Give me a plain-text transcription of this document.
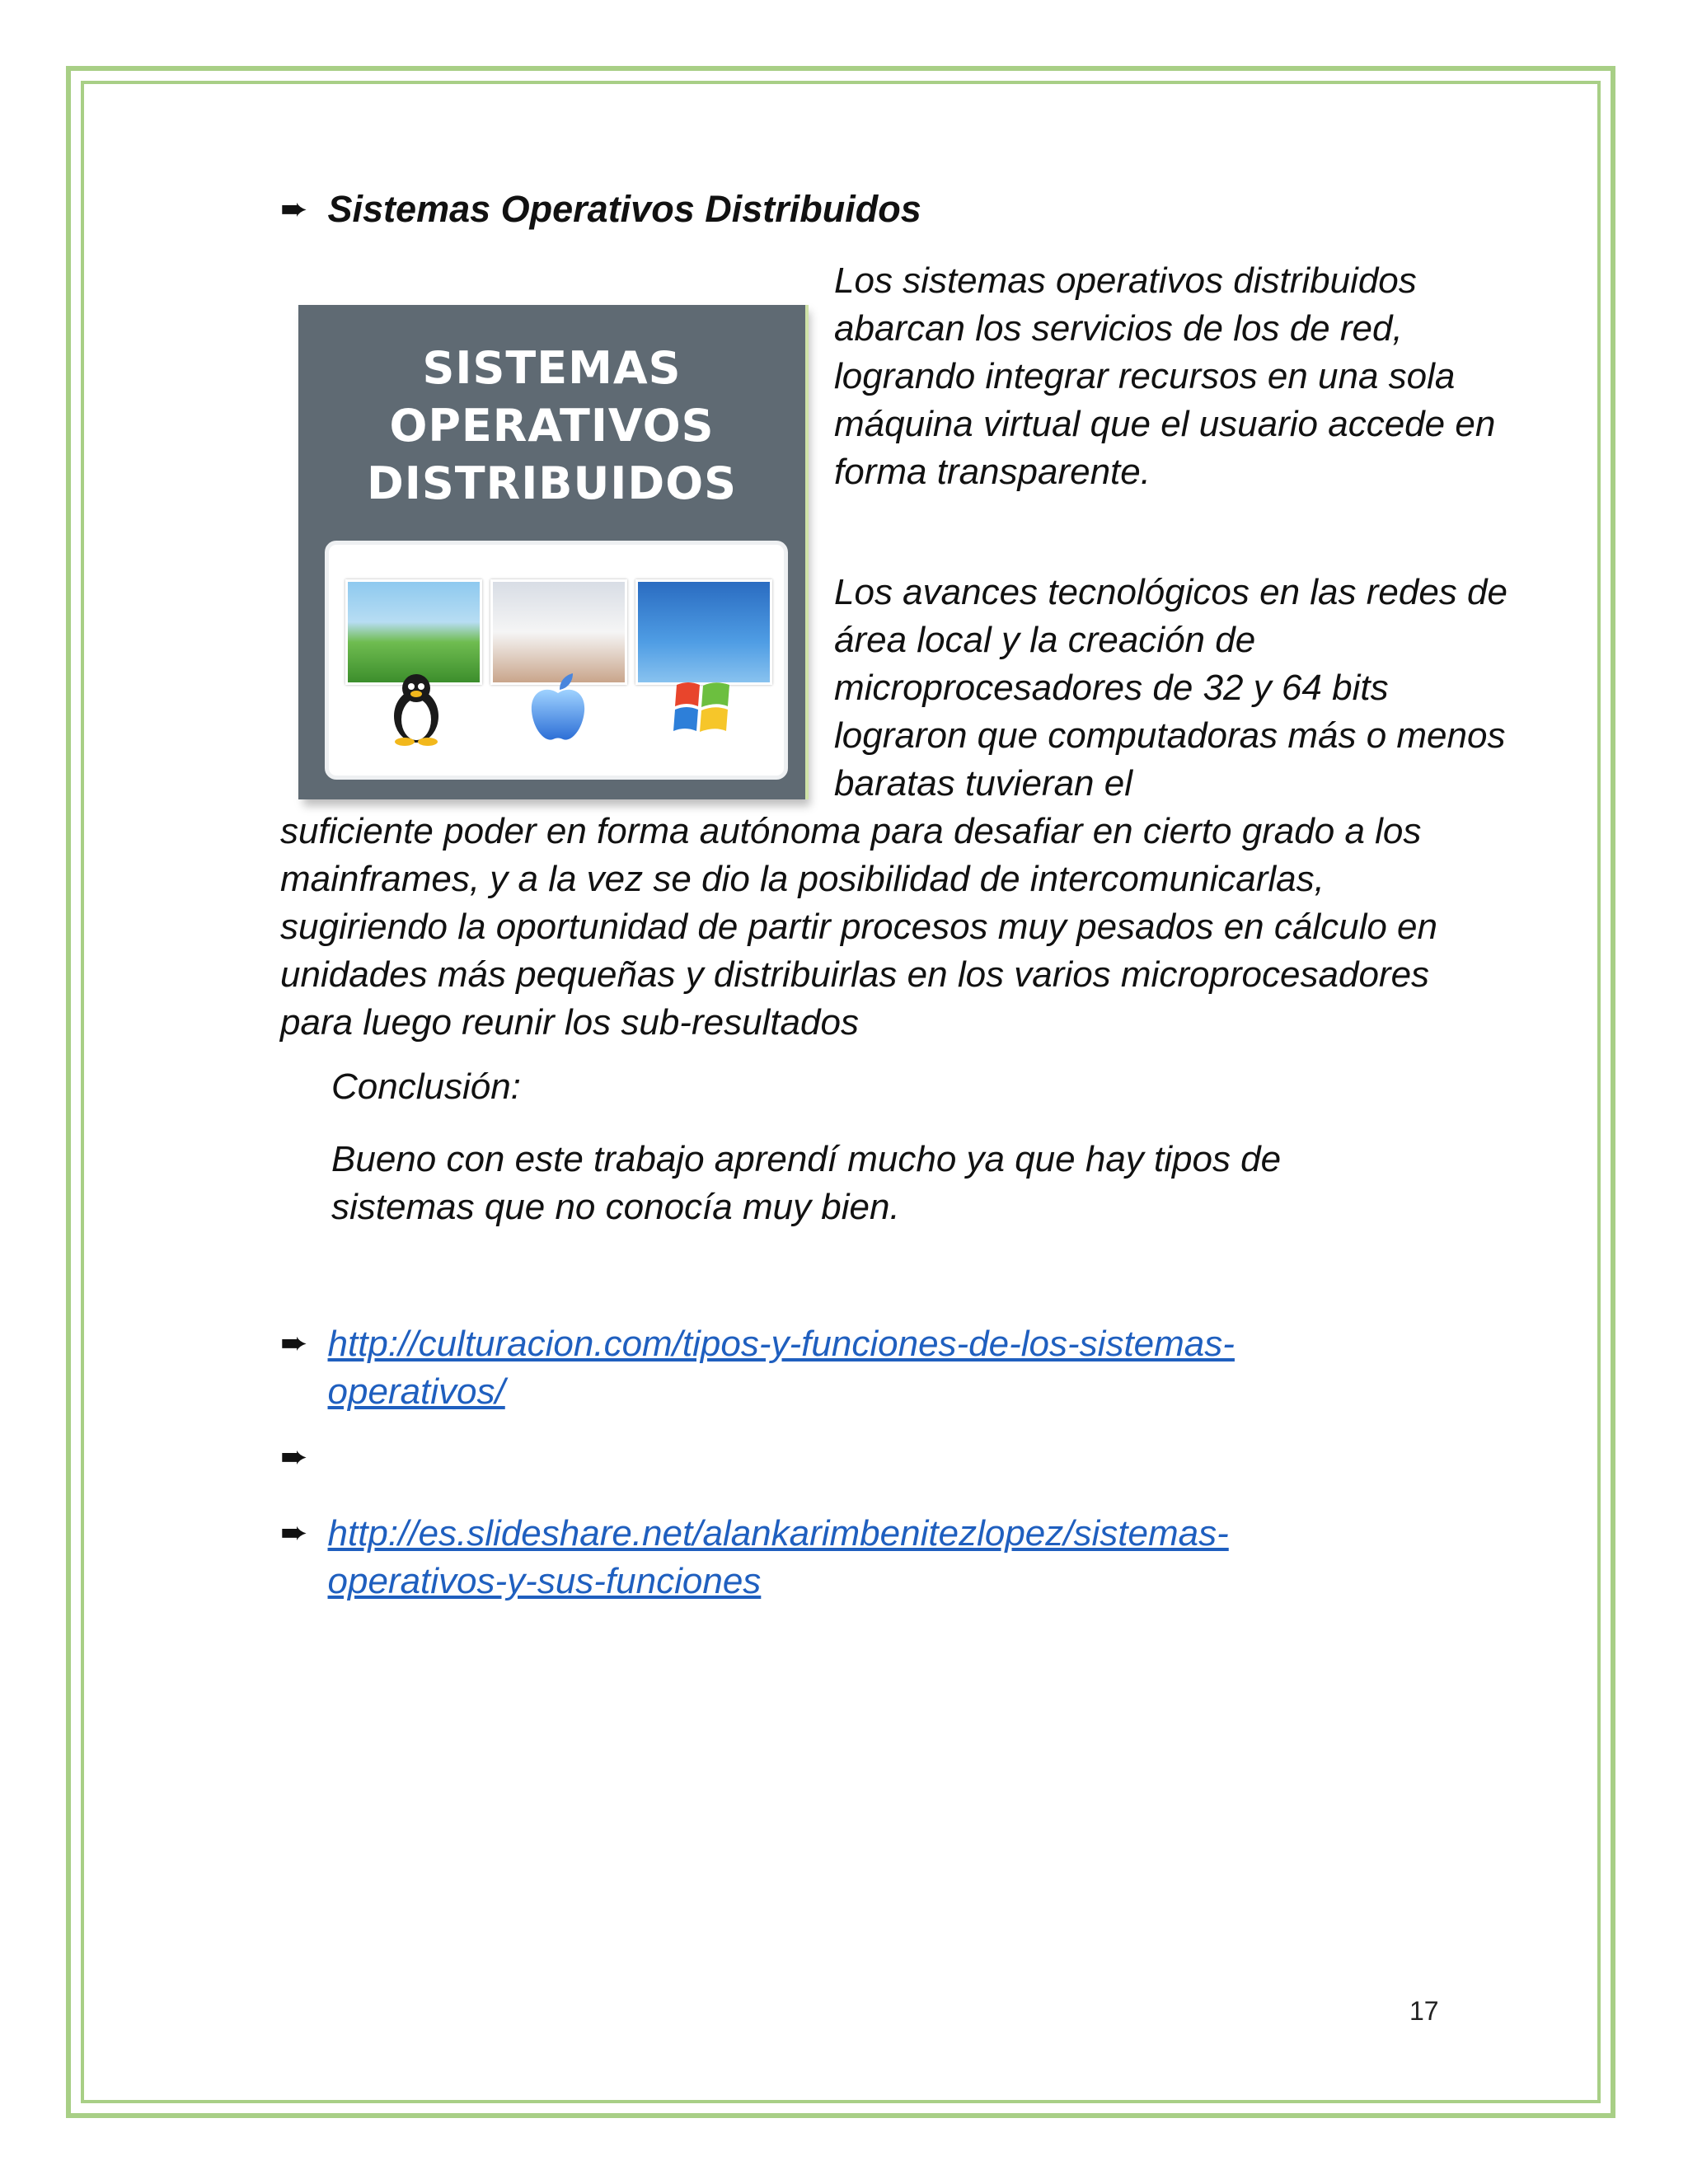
➨ Sistemas Operativos Distribuidos
SISTEMAS
OPERATIVOS
DISTRIBUIDOS
Los sistemas operativos distribuidos abarcan los servicios de los de red, logrando integrar recursos en una sola máquina virtual que el usuario accede en forma transparente.
Los avances tecnológicos en las redes de área local y la creación de microprocesadores de 32 y 64 bits lograron que computadoras más o menos baratas tuvieran el
suficiente poder en forma autónoma para desafiar en cierto grado a los mainframes, y a la vez se dio la posibilidad de intercomunicarlas, sugiriendo la oportunidad de partir procesos muy pesados en cálculo en unidades más pequeñas y distribuirlas en los varios microprocesadores para luego reunir los sub-resultados
Conclusión:
Bueno con este trabajo aprendí mucho ya que hay tipos de sistemas que no conocía muy bien.
➨ http://culturacion.com/tipos-y-funciones-de-los-sistemas-operativos/
➨
➨ http://es.slideshare.net/alankarimbenitezlopez/sistemas-operativos-y-sus-funciones
17
